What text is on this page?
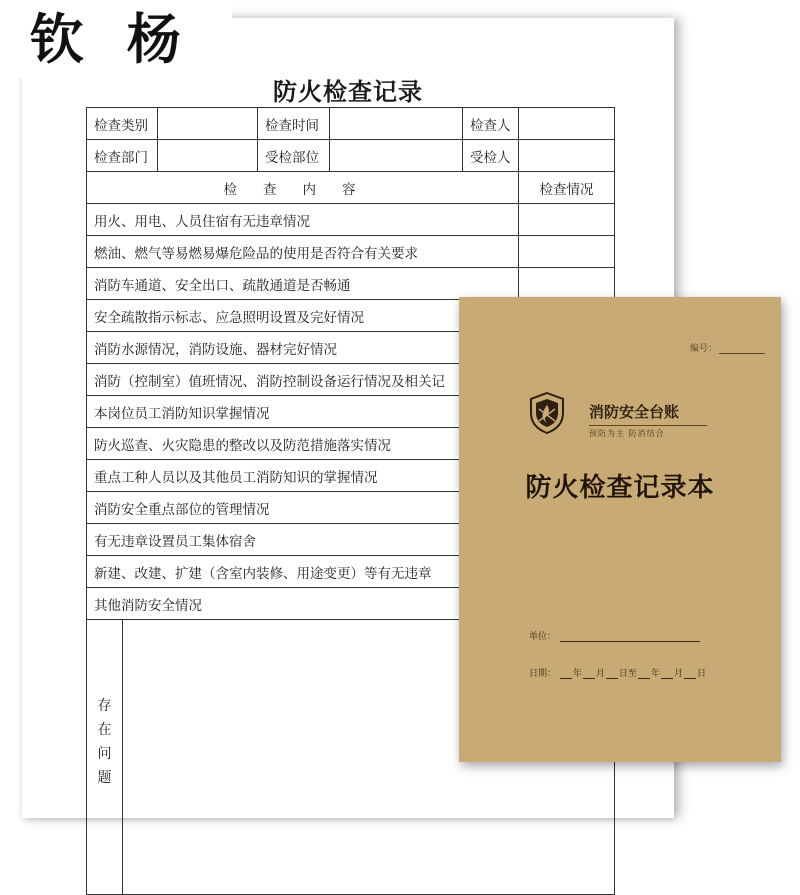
钦 杨
防火检查记录
检查类别			检查时间		检查人	
检查部门			受检部位		受检人	
检查内容						检查情况
用火、用电、人员住宿有无违章情况						
燃油、燃气等易燃易爆危险品的使用是否符合有关要求						
消防车通道、安全出口、疏散通道是否畅通						
安全疏散指示标志、应急照明设置及完好情况						
消防水源情况，消防设施、器材完好情况						
消防（控制室）值班情况、消防控制设备运行情况及相关记						
本岗位员工消防知识掌握情况						
防火巡查、火灾隐患的整改以及防范措施落实情况						
重点工种人员以及其他员工消防知识的掌握情况						
消防安全重点部位的管理情况						
有无违章设置员工集体宿舍						
新建、改建、扩建（含室内装修、用途变更）等有无违章						
其他消防安全情况						

存
在
问
题						

编号：
消防安全台账
预防为主 防消结合
防火检查记录本
单位：
日期： 年 月 日至 年 月 日
